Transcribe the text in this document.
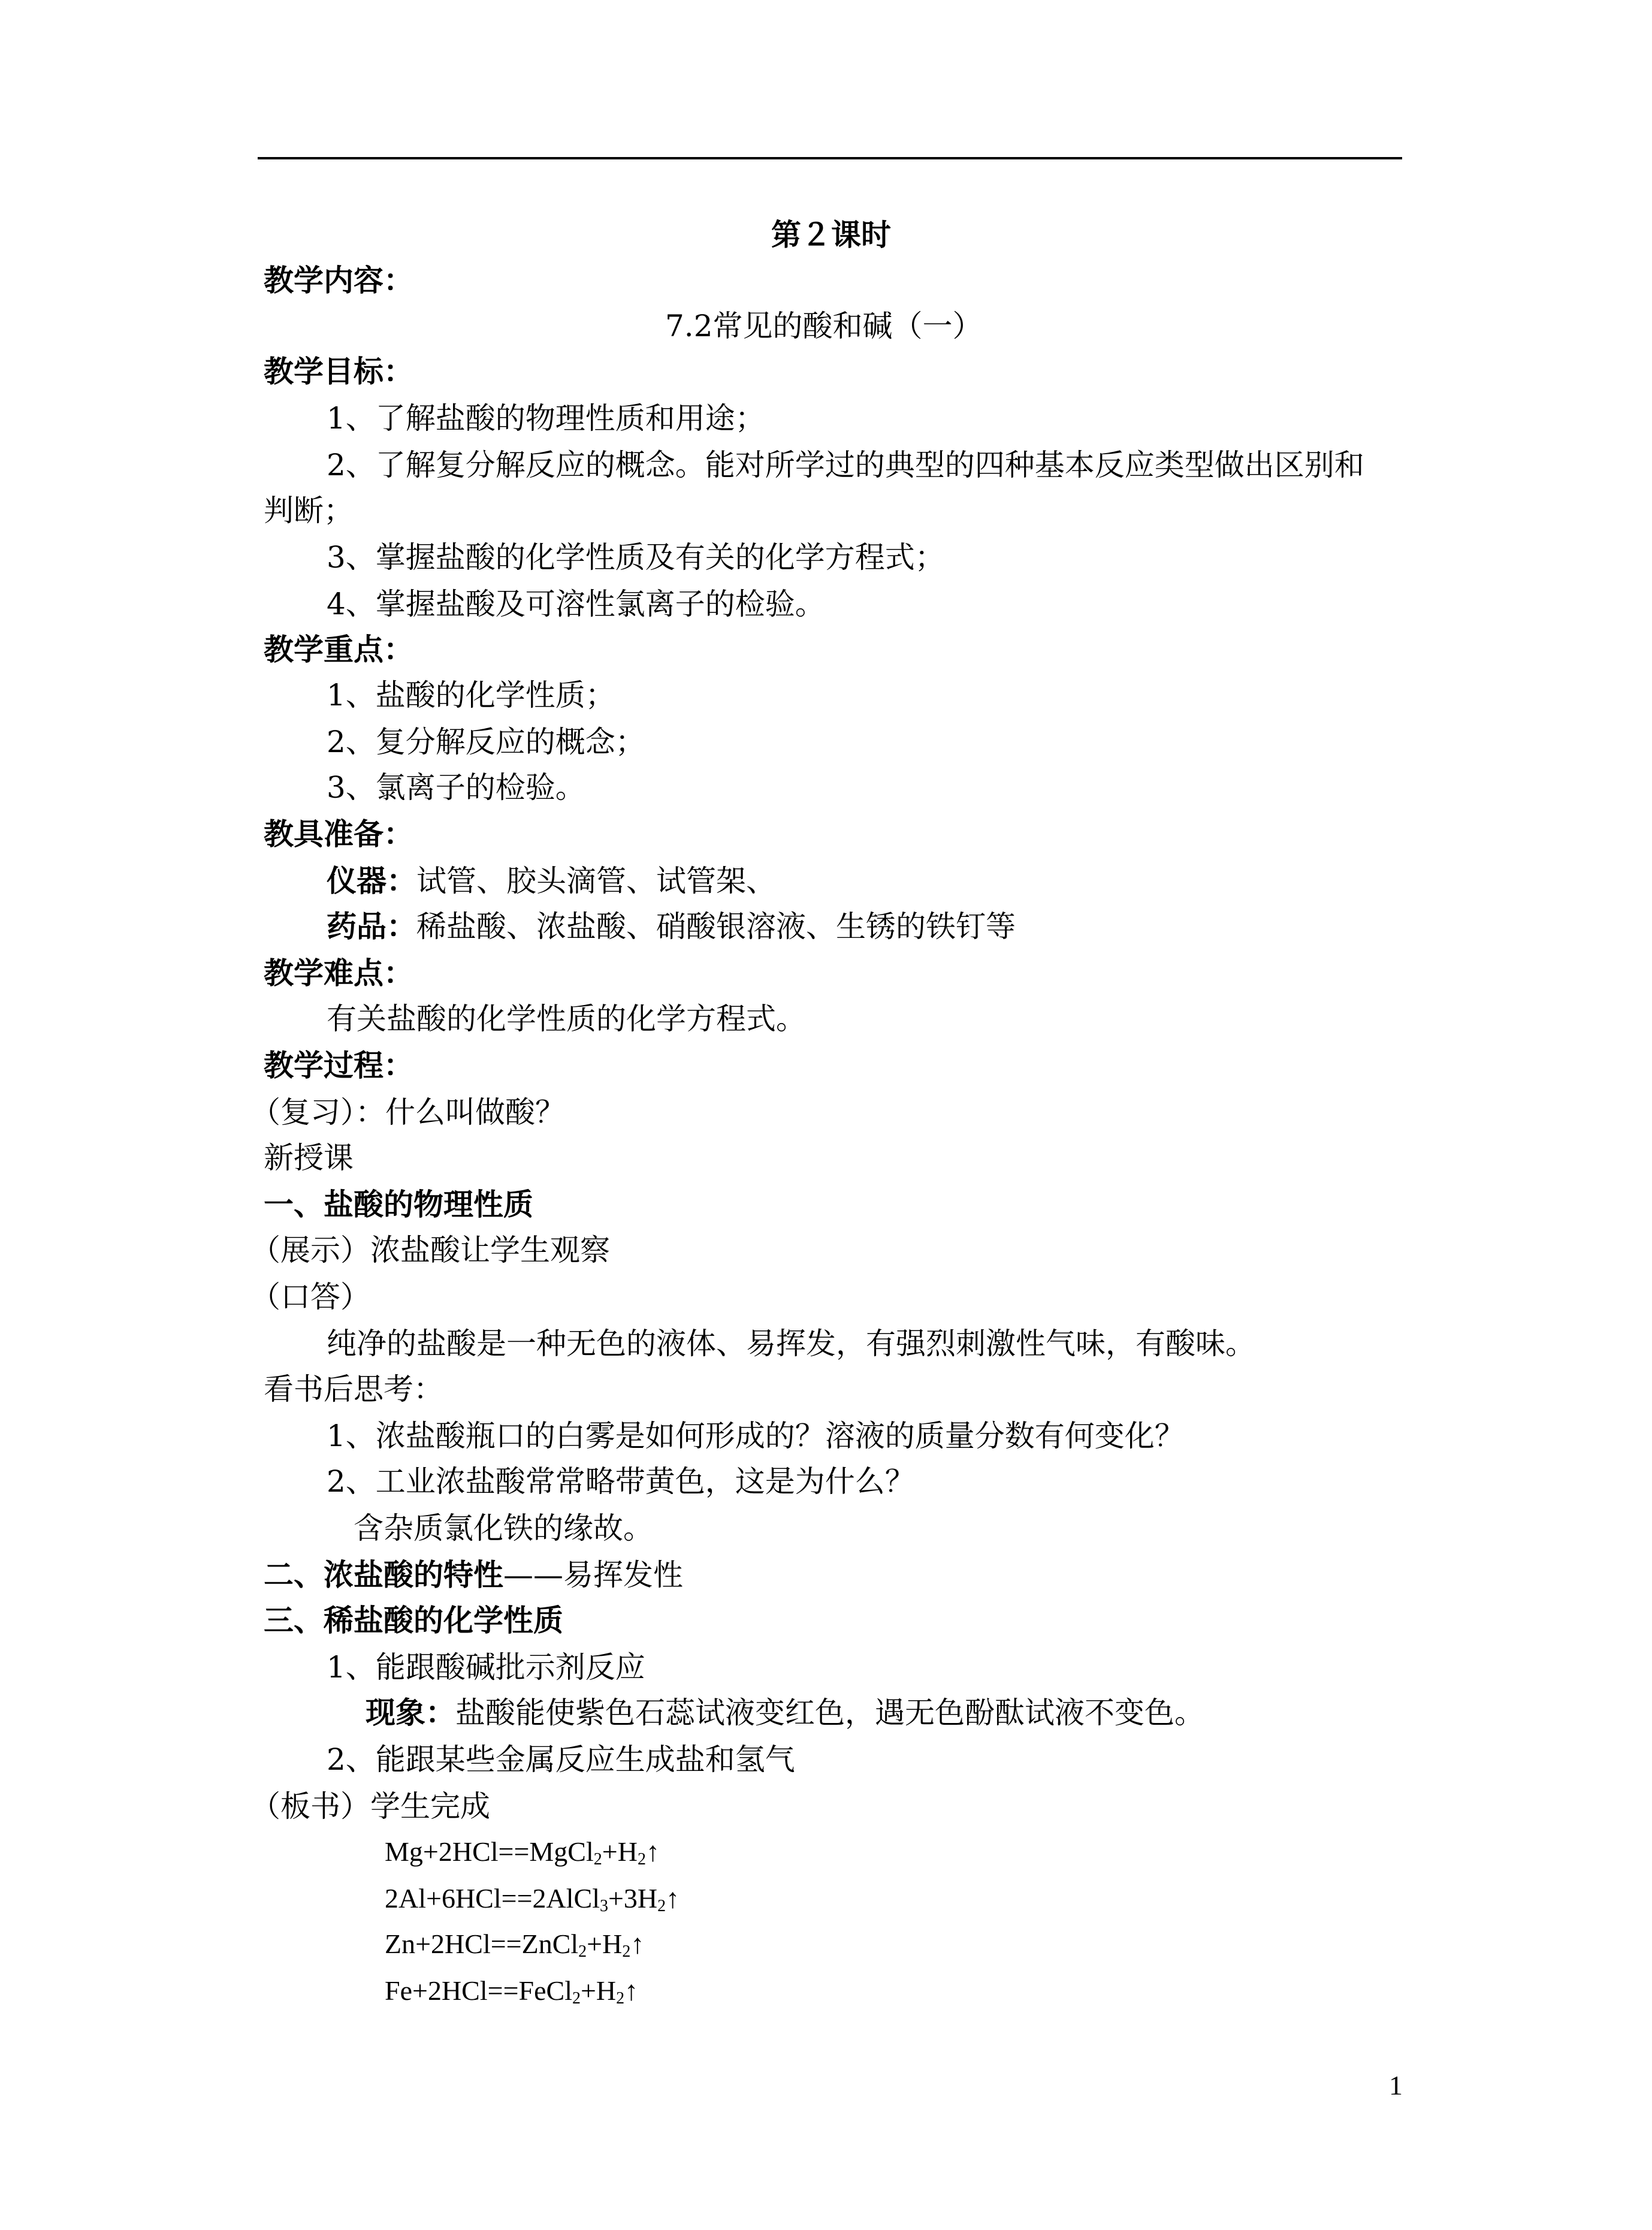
第２课时
教学内容：
7.2常见的酸和碱（一）
教学目标：
1、了解盐酸的物理性质和用途；
2、了解复分解反应的概念。能对所学过的典型的四种基本反应类型做出区别和
判断；
3、掌握盐酸的化学性质及有关的化学方程式；
4、掌握盐酸及可溶性氯离子的检验。
教学重点：
1、盐酸的化学性质；
2、复分解反应的概念；
3、氯离子的检验。
教具准备：
仪器：试管、胶头滴管、试管架、
药品：稀盐酸、浓盐酸、硝酸银溶液、生锈的铁钉等
教学难点：
有关盐酸的化学性质的化学方程式。
教学过程：
（复习）：什么叫做酸？
新授课
一、盐酸的物理性质
（展示）浓盐酸让学生观察
（口答）
纯净的盐酸是一种无色的液体、易挥发，有强烈刺激性气味，有酸味。
看书后思考：
1、浓盐酸瓶口的白雾是如何形成的？溶液的质量分数有何变化？
2、工业浓盐酸常常略带黄色，这是为什么？
含杂质氯化铁的缘故。
二、浓盐酸的特性——易挥发性
三、稀盐酸的化学性质
1、能跟酸碱批示剂反应
现象：盐酸能使紫色石蕊试液变红色，遇无色酚酞试液不变色。
2、能跟某些金属反应生成盐和氢气
（板书）学生完成
$Mg+2HCl==MgCl_2+H_2↑$
$2Al+6HCl==2AlCl_3+3H_2↑$
$Zn+2HCl==ZnCl_2+H_2↑$
$Fe+2HCl==FeCl_2+H_2↑$
1
